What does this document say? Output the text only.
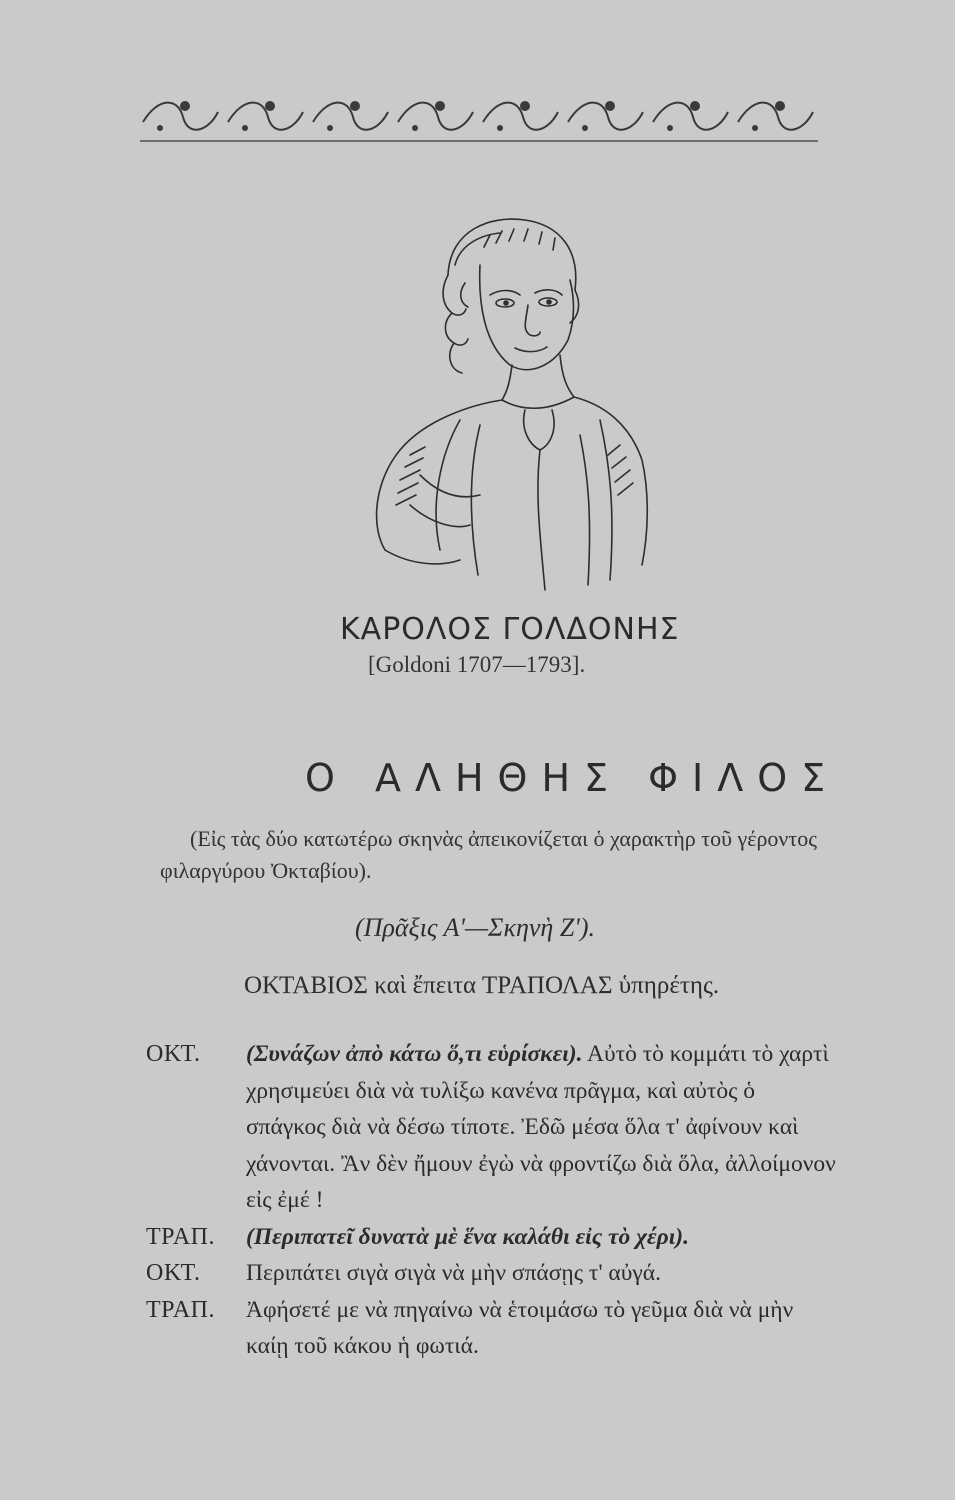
ΚΑΡΟΛΟΣ ΓΟΛΔΟΝΗΣ
[Goldoni 1707—1793].
Ο ΑΛΗΘΗΣ ΦΙΛΟΣ
(Εἰς τὰς δύο κατωτέρω σκηνὰς ἀπεικονίζεται ὁ χαρακτὴρ τοῦ γέροντος φιλαργύρου Ὀκταβίου).
(Πρᾶξις Α'—Σκηνὴ Ζ').
ΟΚΤΑΒΙΟΣ καὶ ἔπειτα ΤΡΑΠΟΛΑΣ ὑπηρέτης.
ΟΚΤ.	(Συνάζων ἀπὸ κάτω ὅ,τι εὑρίσκει). Αὐτὸ τὸ κομμάτι τὸ χαρτὶ χρησιμεύει διὰ νὰ τυλίξω κανένα πρᾶγμα, καὶ αὐτὸς ὁ σπάγκος διὰ νὰ δέσω τίποτε. Ἐδῶ μέσα ὅλα τ' ἀφίνουν καὶ χάνονται. Ἂν δὲν ἤμουν ἐγὼ νὰ φροντίζω διὰ ὅλα, ἀλλοίμονον εἰς ἐμέ !
ΤΡΑΠ.	(Περιπατεῖ δυνατὰ μὲ ἕνα καλάθι εἰς τὸ χέρι).
ΟΚΤ.	Περιπάτει σιγὰ σιγὰ νὰ μὴν σπάσῃς τ' αὐγά.
ΤΡΑΠ.	Ἀφήσετέ με νὰ πηγαίνω νὰ ἑτοιμάσω τὸ γεῦμα διὰ νὰ μὴν καίῃ τοῦ κάκου ἡ φωτιά.
